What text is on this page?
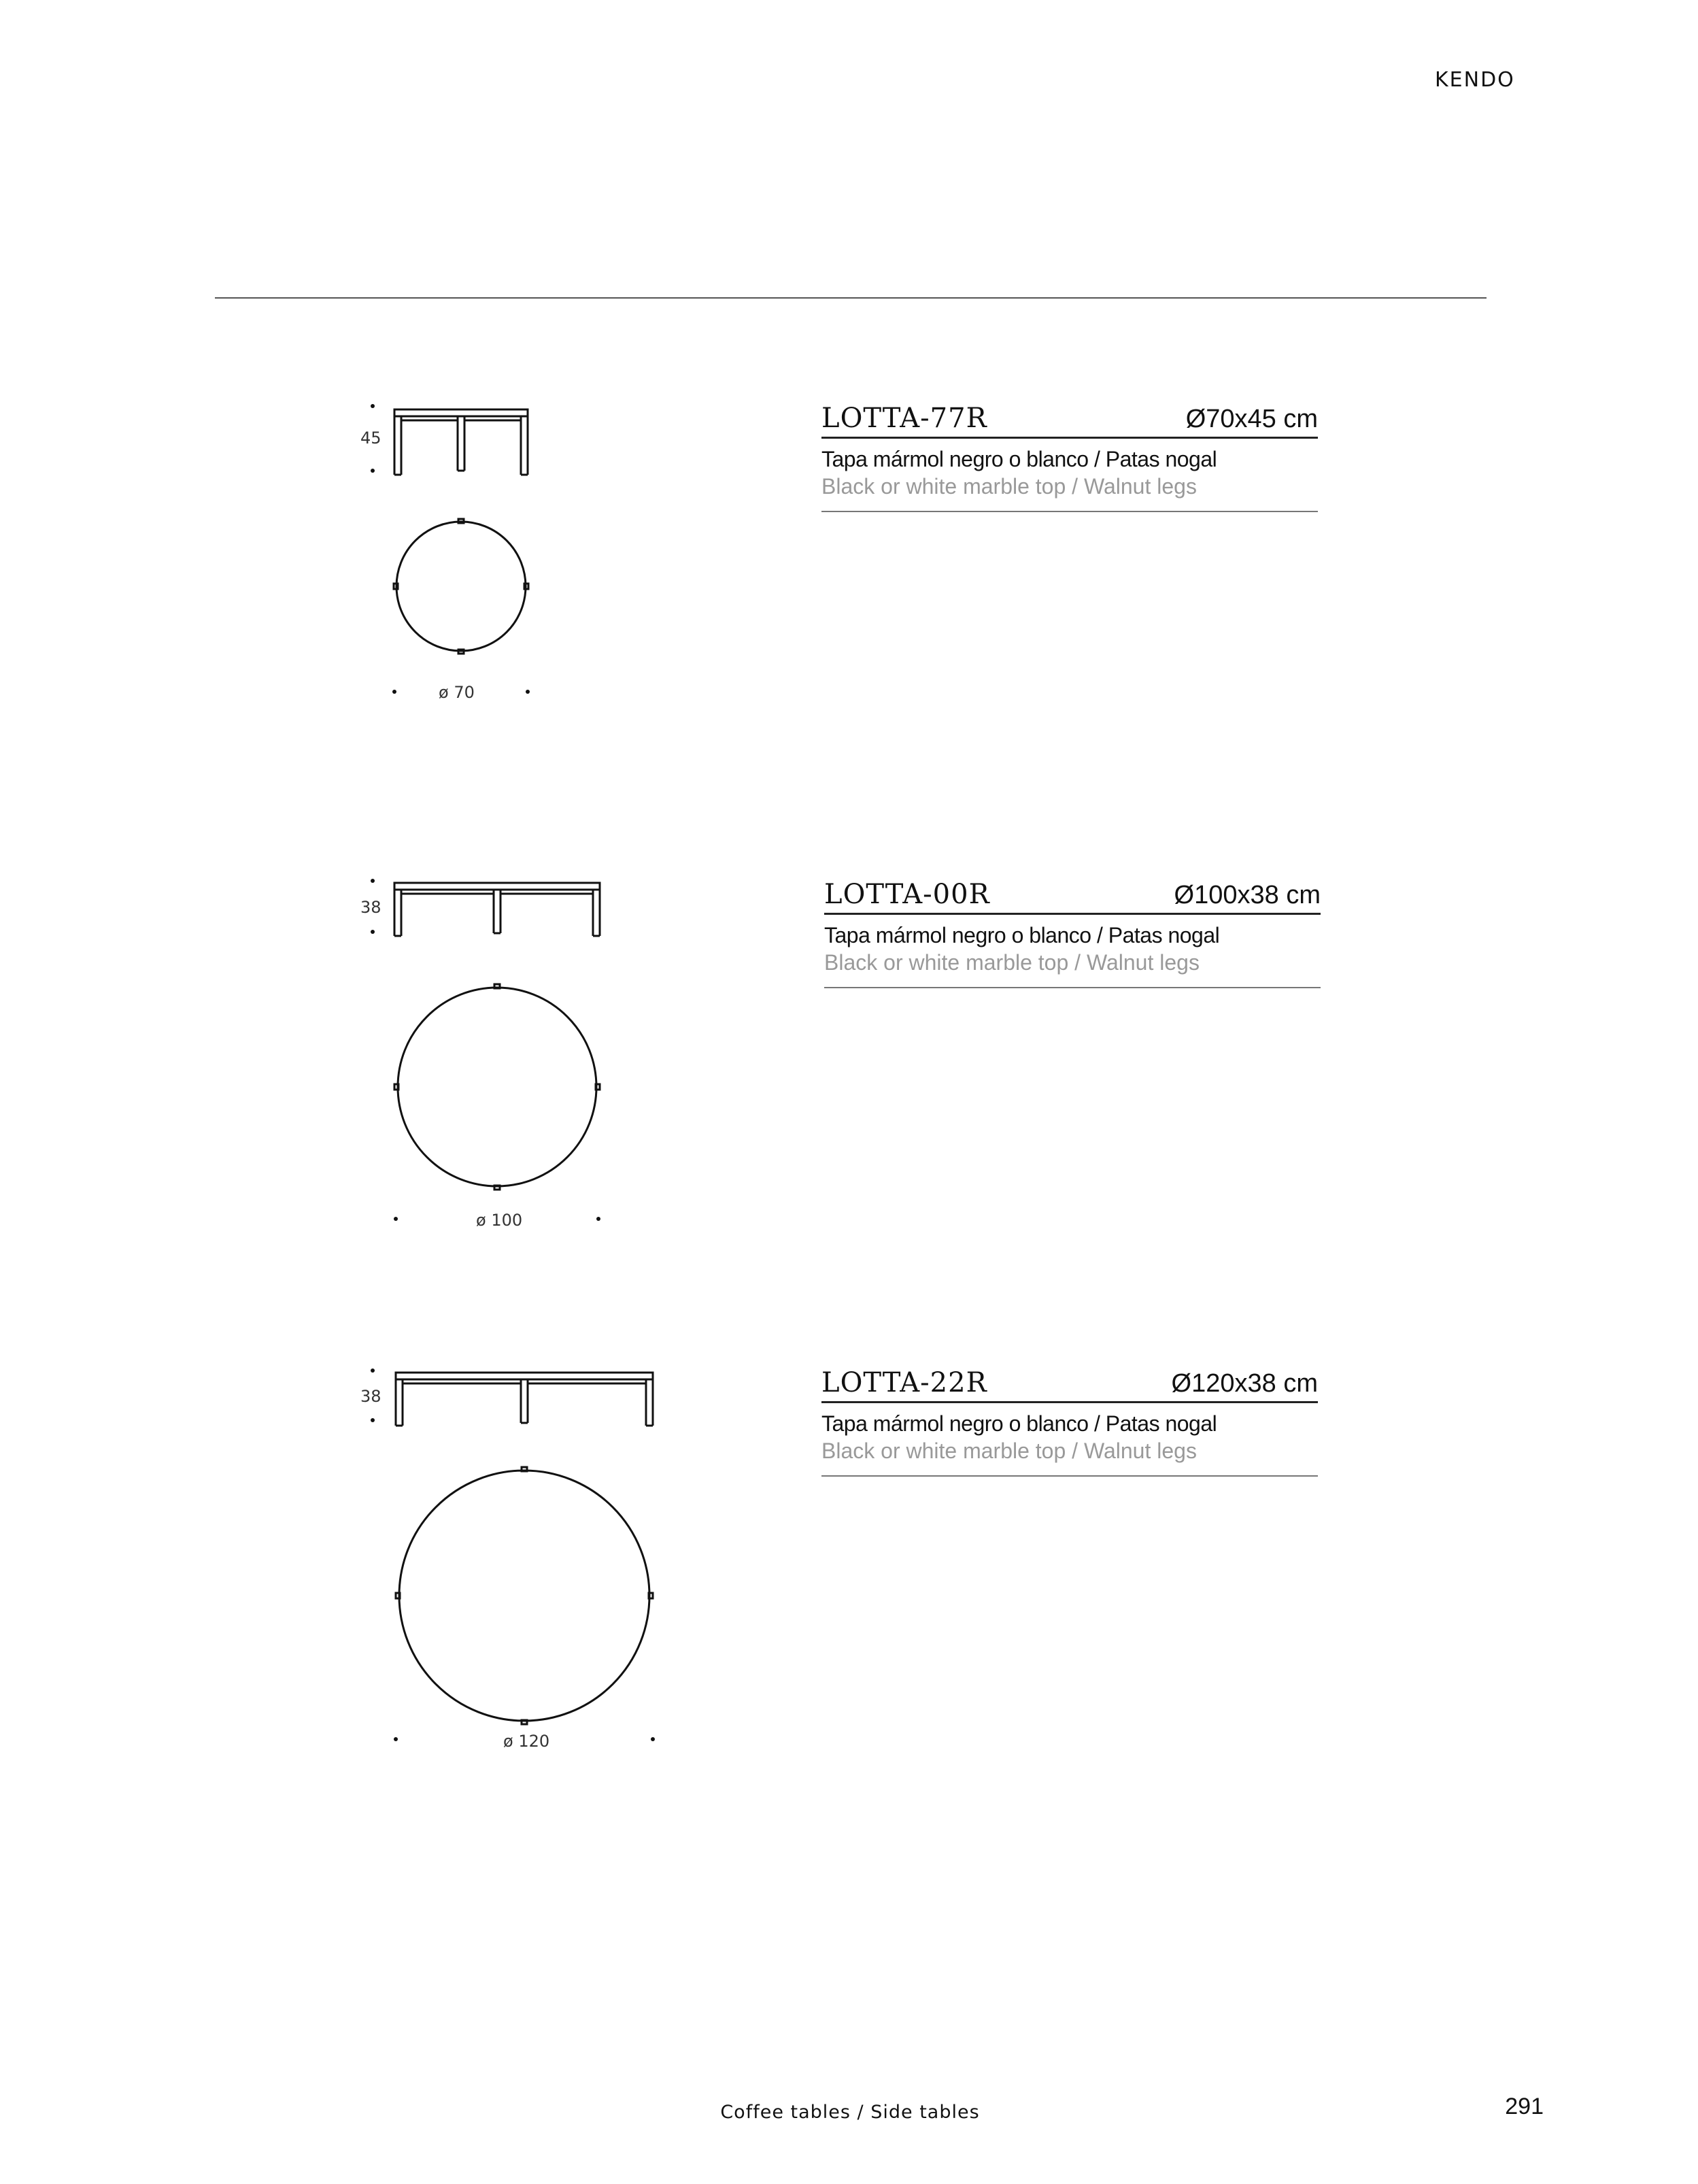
KENDO
45
ø 70
LOTTA-77R	Ø70x45 cm
Tapa mármol negro o blanco / Patas nogal
Black or white marble top / Walnut legs
38
ø 100
LOTTA-00R	Ø100x38 cm
Tapa mármol negro o blanco / Patas nogal
Black or white marble top / Walnut legs
38
ø 120
LOTTA-22R	Ø120x38 cm
Tapa mármol negro o blanco / Patas nogal
Black or white marble top / Walnut legs
Coffee tables / Side tables	291
